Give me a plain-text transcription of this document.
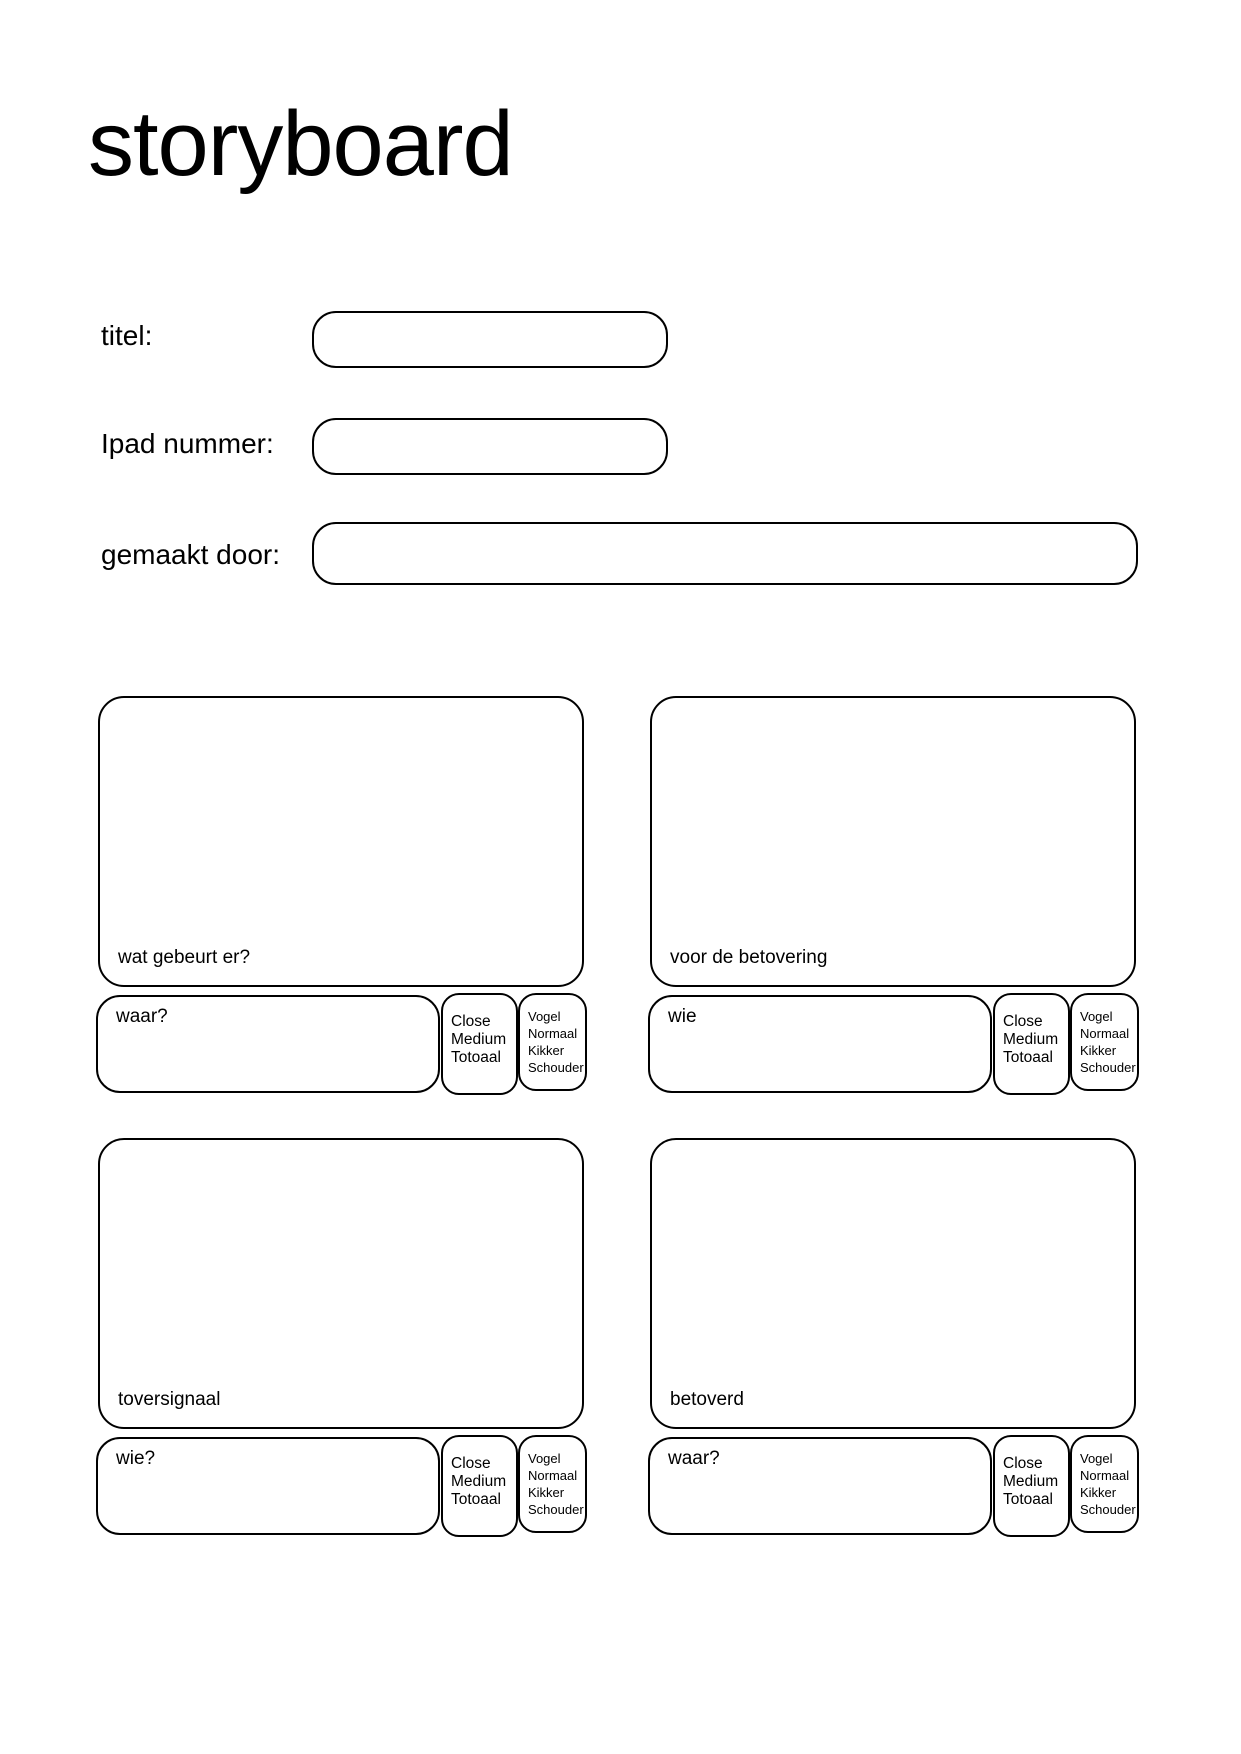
storyboard
titel:
Ipad nummer:
gemaakt door:
wat gebeurt er?
waar?	Close
Medium
Totoaal
Vogel
Normaal
Kikker
Schouder
voor de betovering
wie	Close
Medium
Totoaal
Vogel
Normaal
Kikker
Schouder
toversignaal
wie?	Close
Medium
Totoaal
Vogel
Normaal
Kikker
Schouder
betoverd
waar?	Close
Medium
Totoaal
Vogel
Normaal
Kikker
Schouder
